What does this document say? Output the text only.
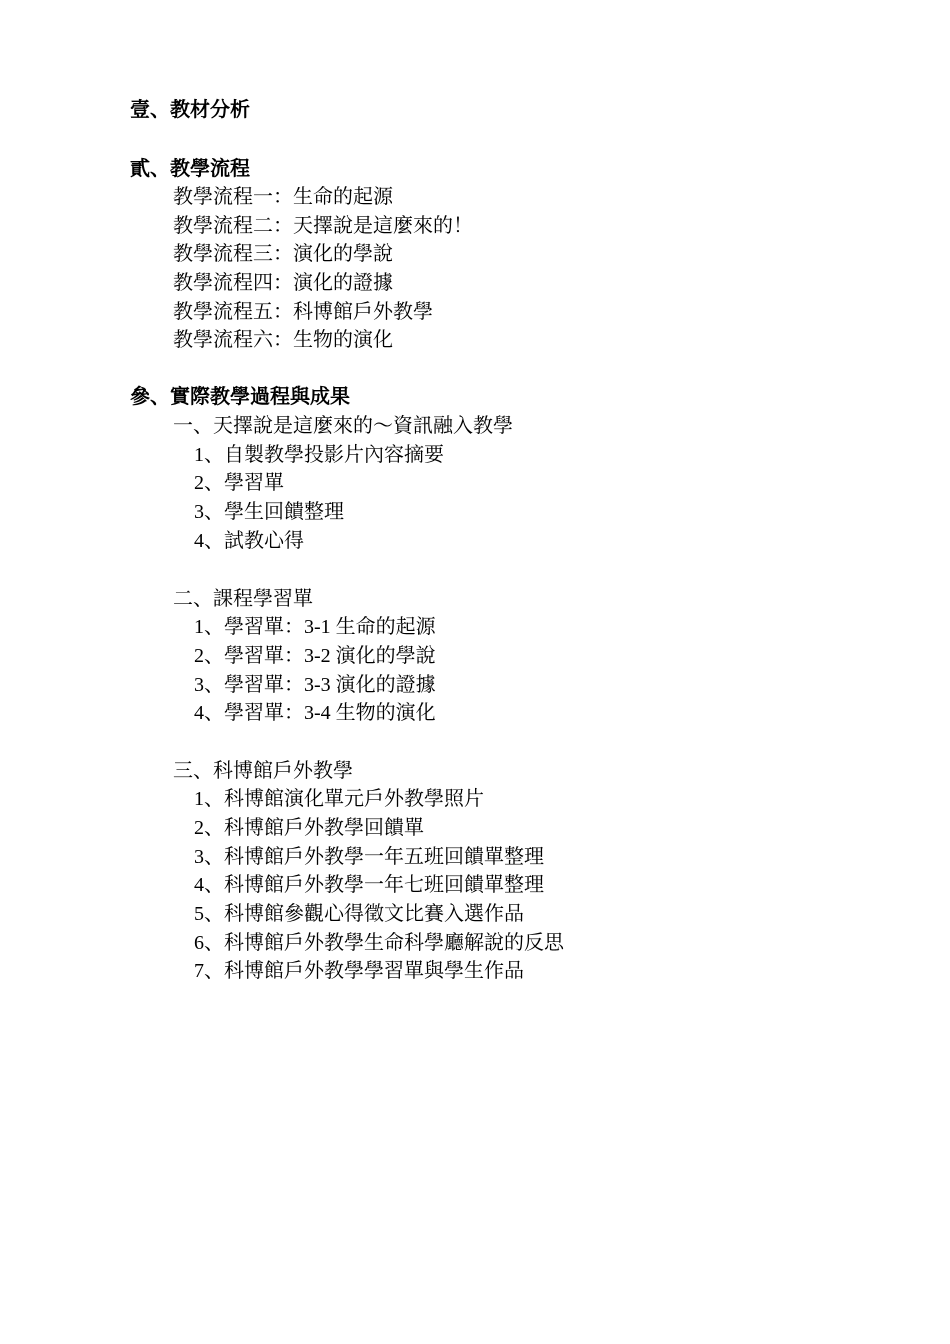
壹、教材分析
貳、教學流程
教學流程一：生命的起源
教學流程二：天擇說是這麼來的！
教學流程三：演化的學說
教學流程四：演化的證據
教學流程五：科博館戶外教學
教學流程六：生物的演化
參、實際教學過程與成果
一、天擇說是這麼來的～資訊融入教學
1、自製教學投影片內容摘要
2、學習單
3、學生回饋整理
4、試教心得
二、課程學習單
1、學習單：3-1 生命的起源
2、學習單：3-2 演化的學說
3、學習單：3-3 演化的證據
4、學習單：3-4 生物的演化
三、科博館戶外教學
1、科博館演化單元戶外教學照片
2、科博館戶外教學回饋單
3、科博館戶外教學一年五班回饋單整理
4、科博館戶外教學一年七班回饋單整理
5、科博館參觀心得徵文比賽入選作品
6、科博館戶外教學生命科學廳解說的反思
7、科博館戶外教學學習單與學生作品
